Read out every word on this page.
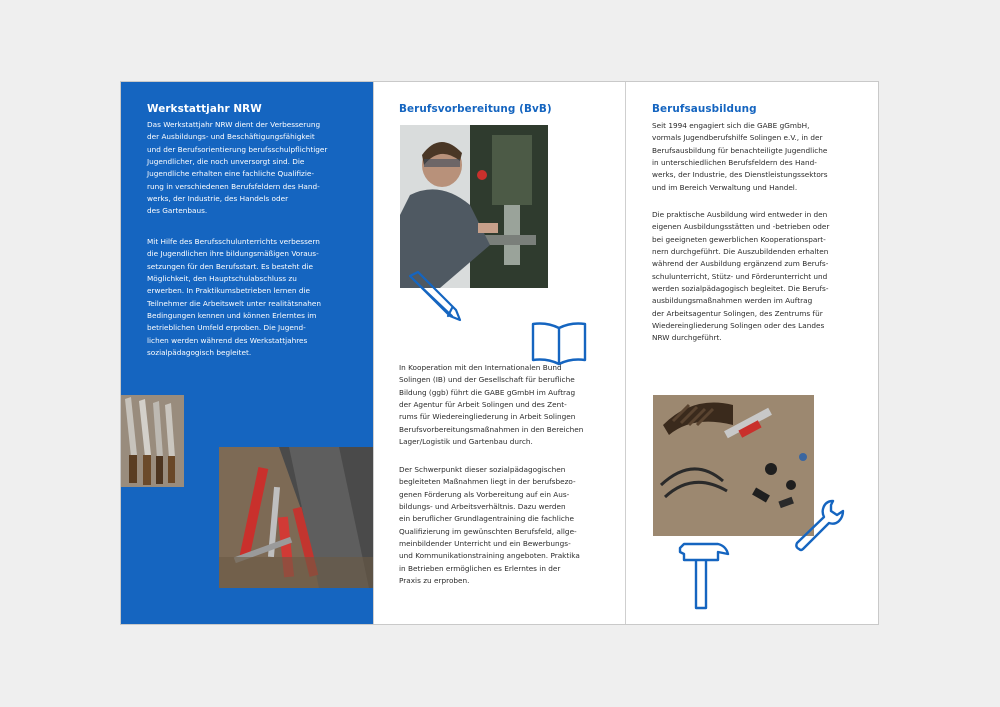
Werkstattjahr NRW

Das Werkstattjahr NRW dient der Verbesserung
der Ausbildungs- und Beschäftigungsfähigkeit
und der Berufsorientierung berufsschulpflichtiger
Jugendlicher, die noch unversorgt sind. Die
Jugendliche erhalten eine fachliche Qualifizie-
rung in verschiedenen Berufsfeldern des Hand-
werks, der Industrie, des Handels oder
des Gartenbaus.

Mit Hilfe des Berufsschulunterrichts verbessern
die Jugendlichen ihre bildungsmäßigen Voraus-
setzungen für den Berufsstart. Es besteht die
Möglichkeit, den Hauptschulabschluss zu
erwerben. In Praktikumsbetrieben lernen die
Teilnehmer die Arbeitswelt unter realitätsnahen
Bedingungen kennen und können Erlerntes im
betrieblichen Umfeld erproben. Die Jugend-
lichen werden während des Werkstattjahres
sozialpädagogisch begleitet.

Berufsvorbereitung (BvB)

In Kooperation mit den Internationalen Bund
Solingen (IB) und der Gesellschaft für berufliche
Bildung (ggb) führt die GABE gGmbH im Auftrag
der Agentur für Arbeit Solingen und des Zent-
rums für Wiedereingliederung in Arbeit Solingen
Berufsvorbereitungsmaßnahmen in den Bereichen
Lager/Logistik und Gartenbau durch.

Der Schwerpunkt dieser sozialpädagogischen
begleiteten Maßnahmen liegt in der berufsbezo-
genen Förderung als Vorbereitung auf ein Aus-
bildungs- und Arbeitsverhältnis. Dazu werden
ein beruflicher Grundlagentraining die fachliche
Qualifizierung im gewünschten Berufsfeld, allge-
meinbildender Unterricht und ein Bewerbungs-
und Kommunikationstraining angeboten. Praktika
in Betrieben ermöglichen es Erlerntes in der
Praxis zu erproben.

Berufsausbildung

Seit 1994 engagiert sich die GABE gGmbH,
vormals Jugendberufshilfe Solingen e.V., in der
Berufsausbildung für benachteiligte Jugendliche
in unterschiedlichen Berufsfeldern des Hand-
werks, der Industrie, des Dienstleistungssektors
und im Bereich Verwaltung und Handel.

Die praktische Ausbildung wird entweder in den
eigenen Ausbildungsstätten und -betrieben oder
bei geeigneten gewerblichen Kooperationspart-
nern durchgeführt. Die Auszubildenden erhalten
während der Ausbildung ergänzend zum Berufs-
schulunterricht, Stütz- und Förderunterricht und
werden sozialpädagogisch begleitet. Die Berufs-
ausbildungsmaßnahmen werden im Auftrag
der Arbeitsagentur Solingen, des Zentrums für
Wiedereingliederung Solingen oder des Landes
NRW durchgeführt.
